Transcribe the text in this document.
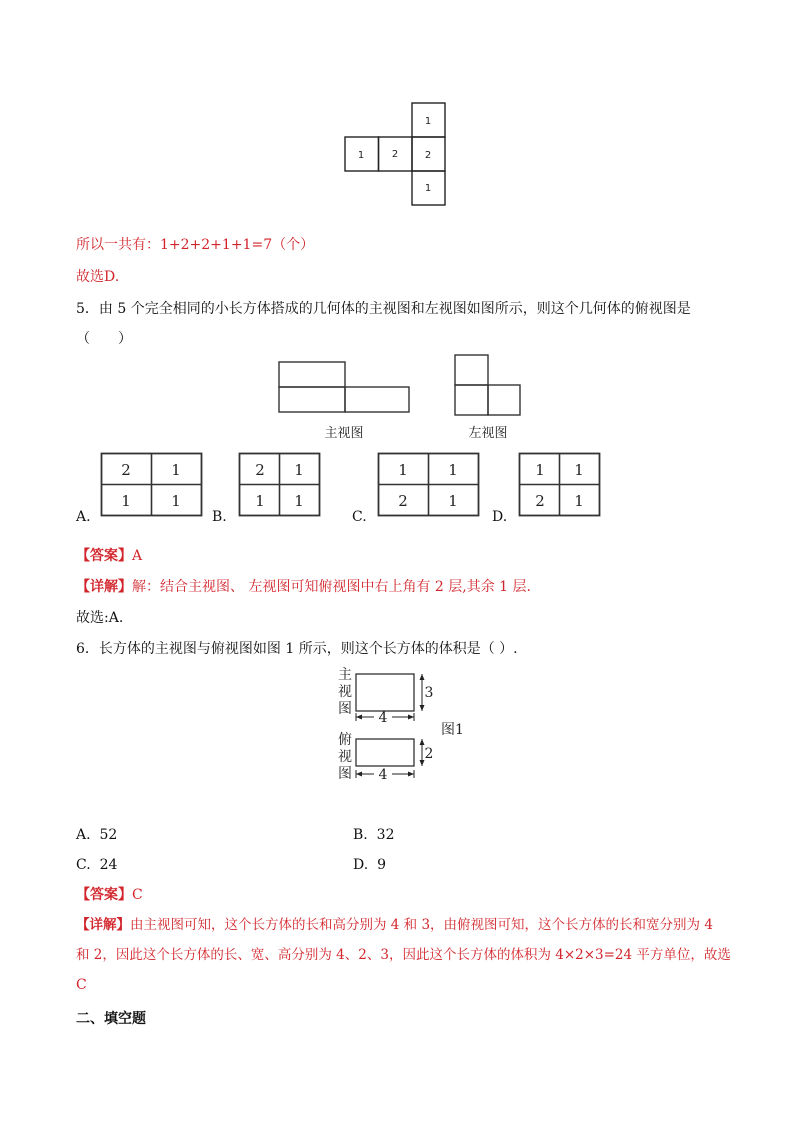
1
1	2	2
1
所以一共有：1+2+2+1+1=7（个）
故选D.
5．由 5 个完全相同的小长方体搭成的几何体的主视图和左视图如图所示，则这个几何体的俯视图是
（　　）
主视图	左视图
A.
2	1
1	1
B.
2 1
1 1
C.
1	1
2	1
D.
1 1
2 1
【答案】A
【详解】解：结合主视图、 左视图可知俯视图中右上角有 2 层,其余 1 层.
故选:A.
6．长方体的主视图与俯视图如图 1 所示，则这个长方体的体积是（ ）.
主
视
图
俯
视
图
3
4
2
4
图1
A. 52	B. 32
C. 24	D. 9
【答案】C
【详解】由主视图可知，这个长方体的长和高分别为 4 和 3，由俯视图可知，这个长方体的长和宽分别为 4
和 2，因此这个长方体的长、宽、高分别为 4、2、3，因此这个长方体的体积为 4×2×3=24 平方单位，故选
C
二、填空题
